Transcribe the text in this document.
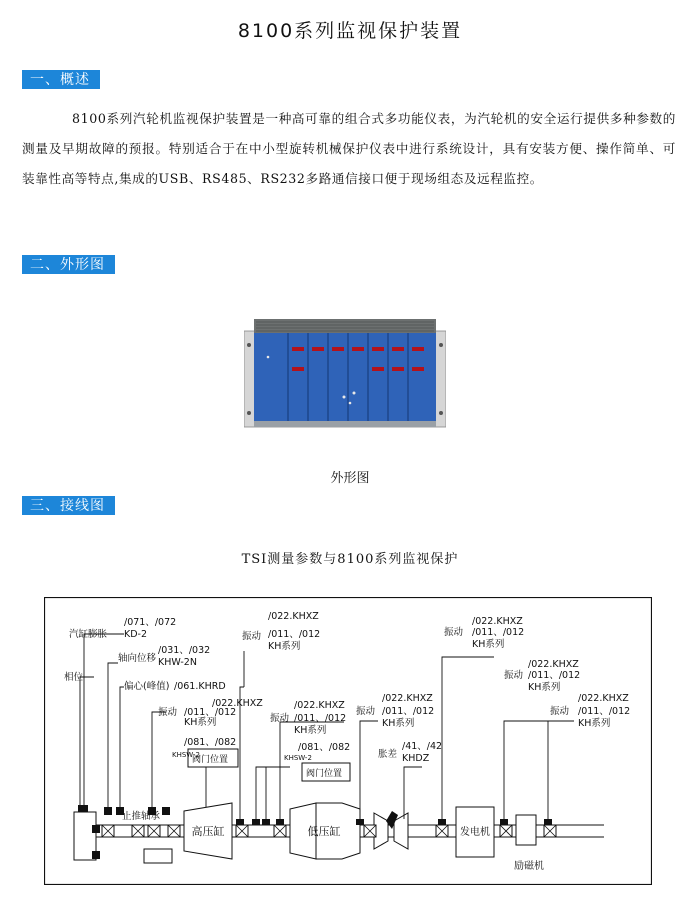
8100系列监视保护装置
一、概述

8100系列汽轮机监视保护装置是一种高可靠的组合式多功能仪表，为汽轮机的安全运行提供多种参数的测量及早期故障的预报。特别适合于在中小型旋转机械保护仪表中进行系统设计，具有安装方便、操作简单、可装靠性高等特点,集成的USB、RS485、RS232多路通信接口便于现场组态及远程监控。

二、外形图
外形图
三、接线图
TSI测量参数与8100系列监视保护
高压缸	低压缸	发电机
励磁机
阀门位置
阀门位置
汽缸膨胀
/071、/072
KD-2
轴向位移
/031、/032
KHW-2N
偏心(峰值) /061.KHRD
相位
止推轴承
/022.KHXZ
振动 /011、/012
KH系列
/081、/082
KHSW-2
/022.KHXZ
振动 /011、/012
KH系列
/022.KHXZ
振动 /011、/012
KH系列
/081、/082
KHSW-2
/022.KHXZ
振动 /011、/012
KH系列
胀差
/41、/42
KHDZ
/022.KHXZ
振动 /011、/012
KH系列
/022.KHXZ
振动 /011、/012
KH系列
/022.KHXZ
振动 /011、/012
KH系列
